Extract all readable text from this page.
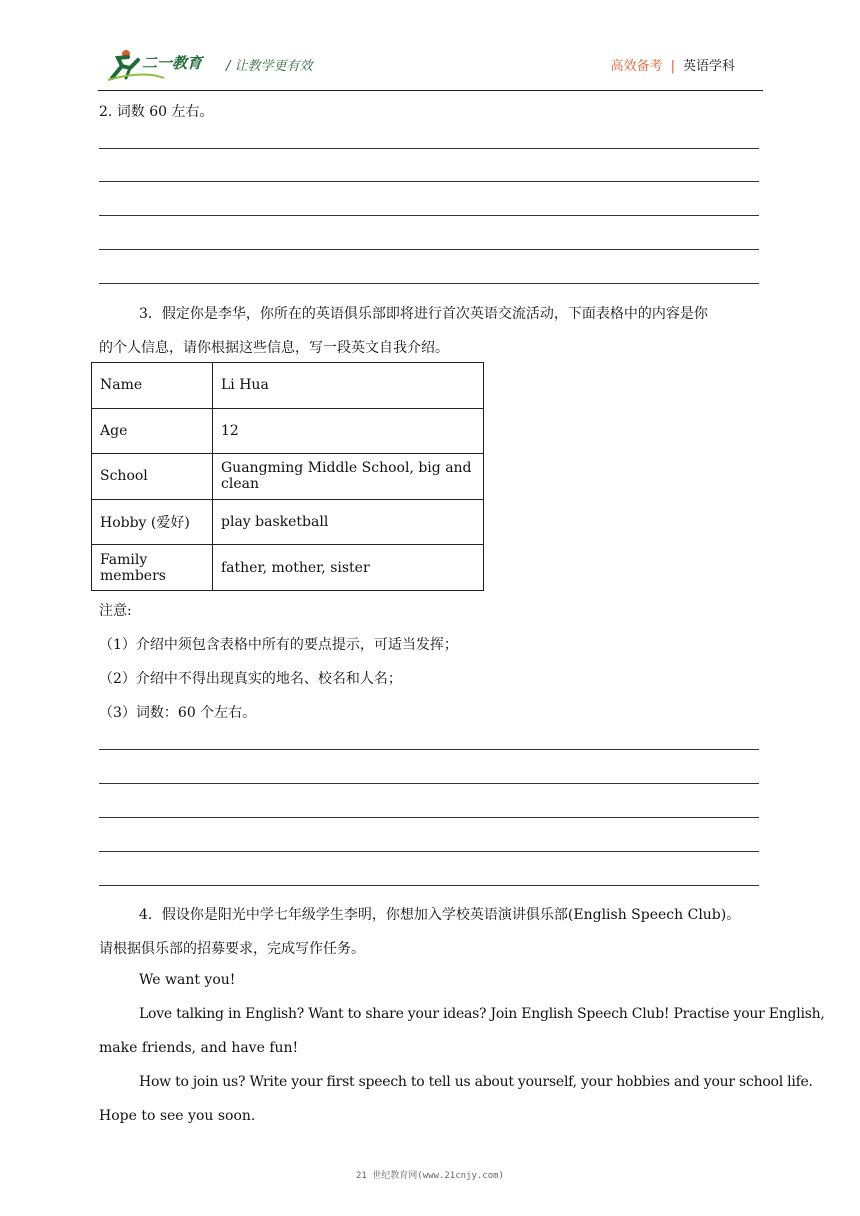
二一教育 / 让教学更有效	高效备考 | 英语学科
2. 词数 60 左右。
3．假定你是李华，你所在的英语俱乐部即将进行首次英语交流活动，下面表格中的内容是你
的个人信息，请你根据这些信息，写一段英文自我介绍。
注意:
（1）介绍中须包含表格中所有的要点提示，可适当发挥；
（2）介绍中不得出现真实的地名、校名和人名；
（3）词数：60 个左右。
4．假设你是阳光中学七年级学生李明，你想加入学校英语演讲俱乐部(English Speech Club)。
请根据俱乐部的招募要求，完成写作任务。
We want you!
Love talking in English? Want to share your ideas? Join English Speech Club! Practise your English,
make friends, and have fun!
How to join us? Write your first speech to tell us about yourself, your hobbies and your school life.
Hope to see you soon.
Name	Li Hua
Age	12
School	Guangming Middle School, big and clean
Hobby (爱好)	play basketball
Family members	father, mother, sister
21 世纪教育网(www.21cnjy.com)
